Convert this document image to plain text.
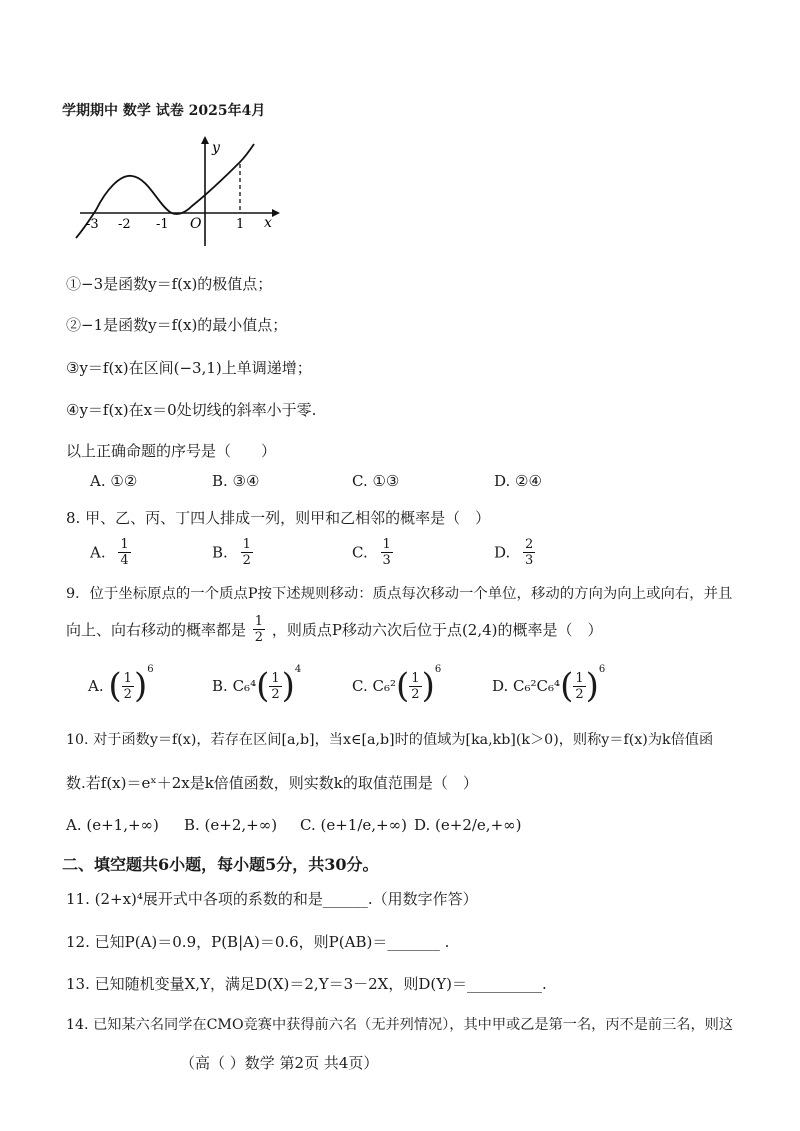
学期期中 数学 试卷 2025年4月
y
x
O
-3 -2 -1	1
①−3是函数y＝f(x)的极值点；
②−1是函数y＝f(x)的最小值点；
③y＝f(x)在区间(−3,1)上单调递增；
④y＝f(x)在x＝0处切线的斜率小于零.
以上正确命题的序号是（　　）
A. ①②	B. ③④	C. ①③	D. ②④
8. 甲、乙、丙、丁四人排成一列，则甲和乙相邻的概率是（　）
A. $\frac{1}{4}$	B. $\frac{1}{2}$	C. $\frac{1}{3}$	D. $\frac{2}{3}$
9．位于坐标原点的一个质点P按下述规则移动：质点每次移动一个单位，移动的方向为向上或向右，并且
向上、向右移动的概率都是 $\frac{1}{2}$ ，则质点P移动六次后位于点(2,4)的概率是（　）
A. ( $\frac{1}{2} )^6$
B. $C_6^4( \frac{1}{2} )^4$
C. $C_6^2( \frac{1}{2} )^6$
D. $C_6^2C_6^4( \frac{1}{2} )^6$
10. 对于函数y＝f(x)，若存在区间[a,b]，当x∈[a,b]时的值域为[ka,kb](k＞0)，则称y＝f(x)为k倍值函
数.若f(x)＝eˣ＋2x是k倍值函数，则实数k的取值范围是（　）
A. (e+1,+∞) B. (e+2,+∞) C. (e+1/e,+∞) D. (e+2/e,+∞)
二、填空题共6小题，每小题5分，共30分。
11. (2+x)⁴展开式中各项的系数的和是______.（用数字作答）
12. 已知P(A)＝0.9，P(B|A)＝0.6，则P(AB)＝_______ .
13. 已知随机变量X,Y，满足D(X)＝2,Y＝3－2X，则D(Y)＝__________.
14. 已知某六名同学在CMO竞赛中获得前六名（无并列情况），其中甲或乙是第一名，丙不是前三名，则这
（高（ ）数学 第2页 共4页）
